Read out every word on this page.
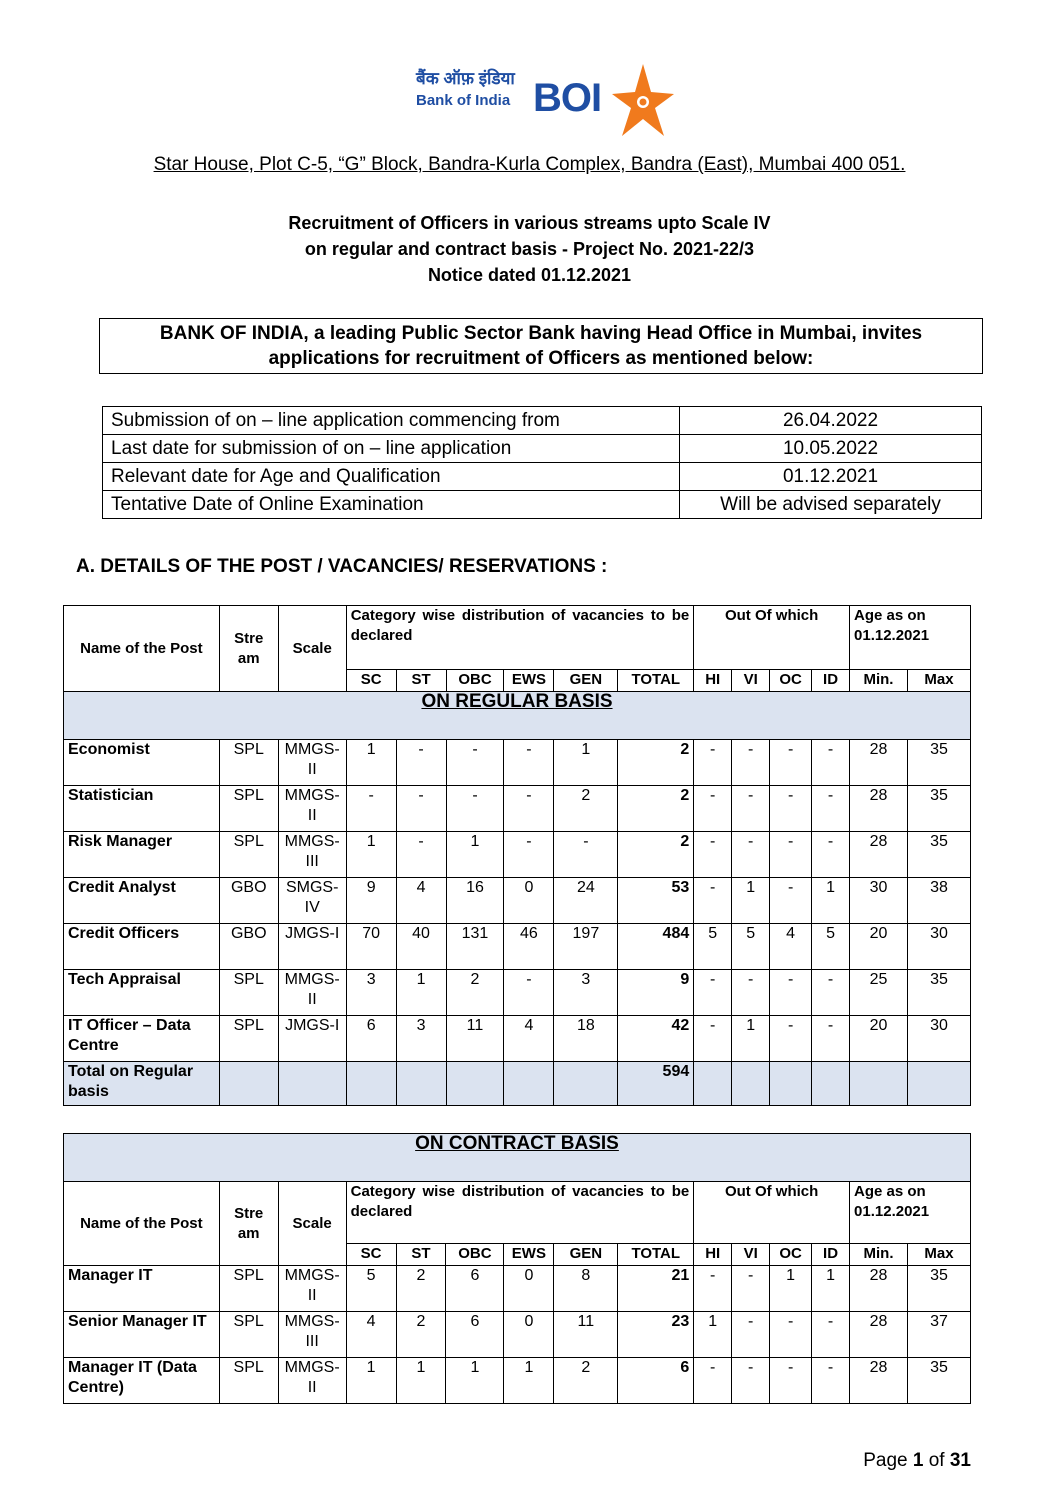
बैंक ऑफ़ इंडिया
Bank of India BOI
Star House, Plot C-5, “G” Block, Bandra-Kurla Complex, Bandra (East), Mumbai 400 051.
Recruitment of Officers in various streams upto Scale IV
on regular and contract basis - Project No. 2021-22/3
Notice dated 01.12.2021
BANK OF INDIA, a leading Public Sector Bank having Head Office in Mumbai, invites
applications for recruitment of Officers as mentioned below:
Submission of on – line application commencing from	26.04.2022
Last date for submission of on – line application	10.05.2022
Relevant date for Age and Qualification	01.12.2021
Tentative Date of Online Examination	Will be advised separately
A. DETAILS OF THE POST / VACANCIES/ RESERVATIONS :
Name of the Post	Stre am	Scale	Category wise distribution of vacancies to be declared						Out Of which				Age as on 01.12.2021	
			SC	ST	OBC	EWS	GEN	TOTAL	HI	VI	OC	ID	Min.	Max
ON REGULAR BASIS														
Economist	SPL	MMGS-II	1	-	-	-	1	2	-	-	-	-	28	35
Statistician	SPL	MMGS-II	-	-	-	-	2	2	-	-	-	-	28	35
Risk Manager	SPL	MMGS-III	1	-	1	-	-	2	-	-	-	-	28	35
Credit Analyst	GBO	SMGS-IV	9	4	16	0	24	53	-	1	-	1	30	38
Credit Officers	GBO	JMGS-I	70	40	131	46	197	484	5	5	4	5	20	30
Tech Appraisal	SPL	MMGS-II	3	1	2	-	3	9	-	-	-	-	25	35
IT Officer – Data Centre	SPL	JMGS-I	6	3	11	4	18	42	-	1	-	-	20	30
Total on Regular basis								594						
ON CONTRACT BASIS														
Name of the Post	Stre am	Scale	Category wise distribution of vacancies to be declared						Out Of which				Age as on 01.12.2021	
			SC	ST	OBC	EWS	GEN	TOTAL	HI	VI	OC	ID	Min.	Max
Manager IT	SPL	MMGS-II	5	2	6	0	8	21	-	-	1	1	28	35
Senior Manager IT	SPL	MMGS-III	4	2	6	0	11	23	1	-	-	-	28	37
Manager IT (Data Centre)	SPL	MMGS-II	1	1	1	1	2	6	-	-	-	-	28	35
Page 1 of 31
